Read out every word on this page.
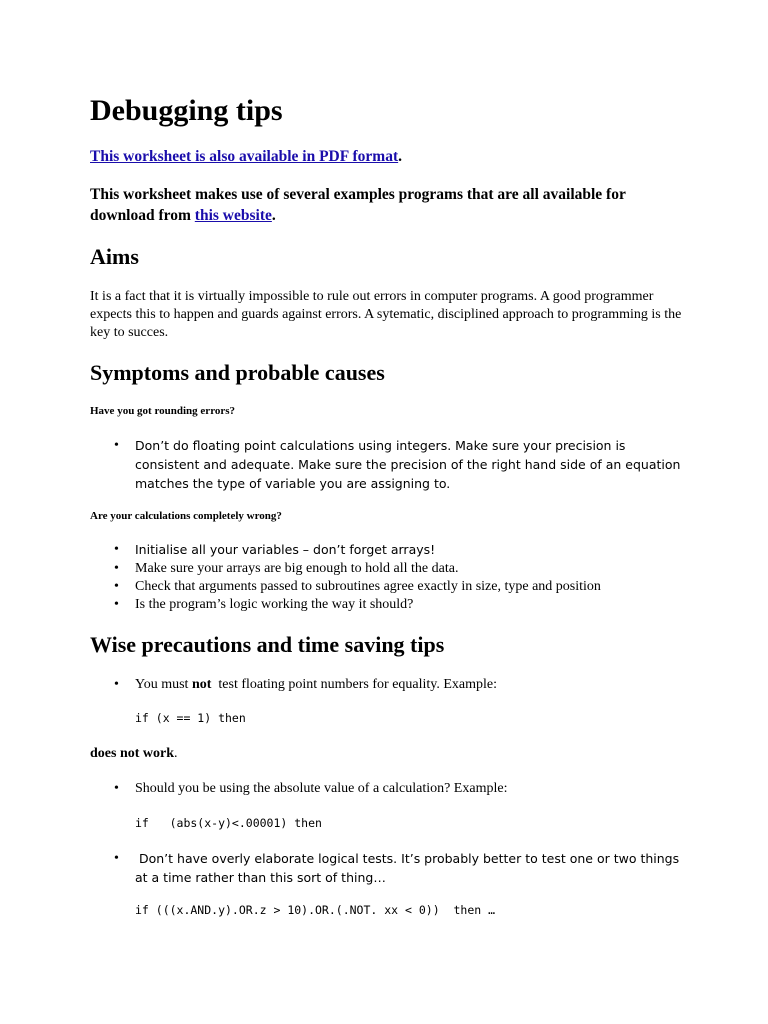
Debugging tips

This worksheet is also available in PDF format.

This worksheet makes use of several examples programs that are all available for download from this website.

Aims

It is a fact that it is virtually impossible to rule out errors in computer programs. A good programmer expects this to happen and guards against errors. A sytematic, disciplined approach to programming is the key to succes.

Symptoms and probable causes
Have you got rounding errors?
• Don’t do floating point calculations using integers. Make sure your precision is consistent and adequate. Make sure the precision of the right hand side of an equation matches the type of variable you are assigning to.
Are your calculations completely wrong?
• Initialise all your variables – don’t forget arrays!
• Make sure your arrays are big enough to hold all the data.
• Check that arguments passed to subroutines agree exactly in size, type and position
• Is the program’s logic working the way it should?
Wise precautions and time saving tips
• You must not  test floating point numbers for equality. Example:
if (x == 1) then

does not work.

• Should you be using the absolute value of a calculation? Example:
if   (abs(x-y)<.00001) then
• Don’t have overly elaborate logical tests. It’s probably better to test one or two things at a time rather than this sort of thing…
if (((x.AND.y).OR.z > 10).OR.(.NOT. xx < 0))  then …
